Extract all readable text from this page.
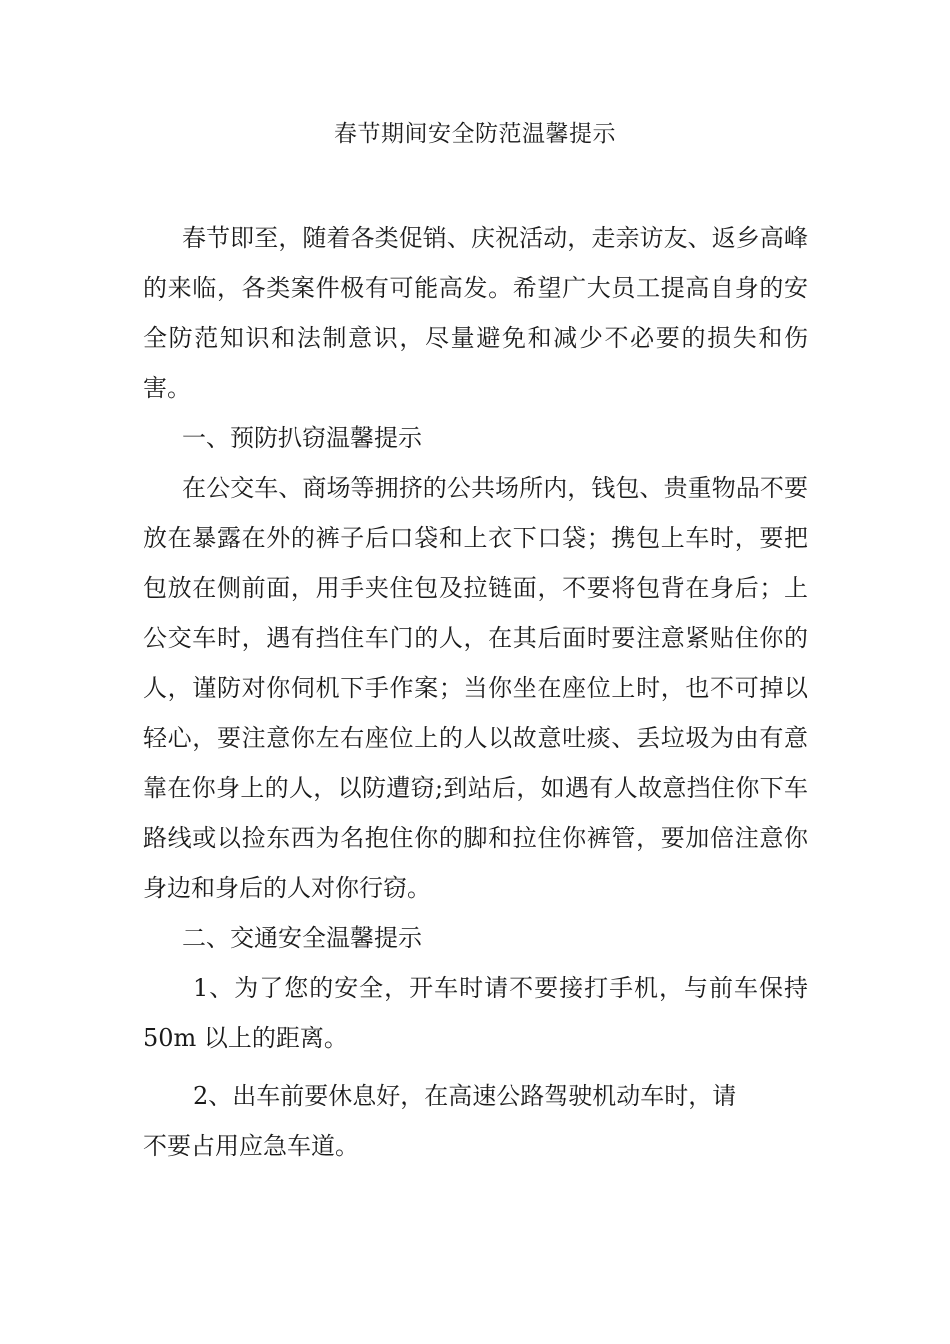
春节期间安全防范温馨提示

春节即至，随着各类促销、庆祝活动，走亲访友、返乡高峰的来临，各类案件极有可能高发。希望广大员工提高自身的安全防范知识和法制意识，尽量避免和减少不必要的损失和伤害。

一、预防扒窃温馨提示

在公交车、商场等拥挤的公共场所内，钱包、贵重物品不要放在暴露在外的裤子后口袋和上衣下口袋；携包上车时，要把包放在侧前面，用手夹住包及拉链面，不要将包背在身后；上公交车时，遇有挡住车门的人，在其后面时要注意紧贴住你的人，谨防对你伺机下手作案；当你坐在座位上时，也不可掉以轻心，要注意你左右座位上的人以故意吐痰、丢垃圾为由有意靠在你身上的人，以防遭窃;到站后，如遇有人故意挡住你下车路线或以捡东西为名抱住你的脚和拉住你裤管，要加倍注意你身边和身后的人对你行窃。

二、交通安全温馨提示

1、为了您的安全，开车时请不要接打手机，与前车保持50m 以上的距离。

2、出车前要休息好，在高速公路驾驶机动车时，请
不要占用应急车道。
